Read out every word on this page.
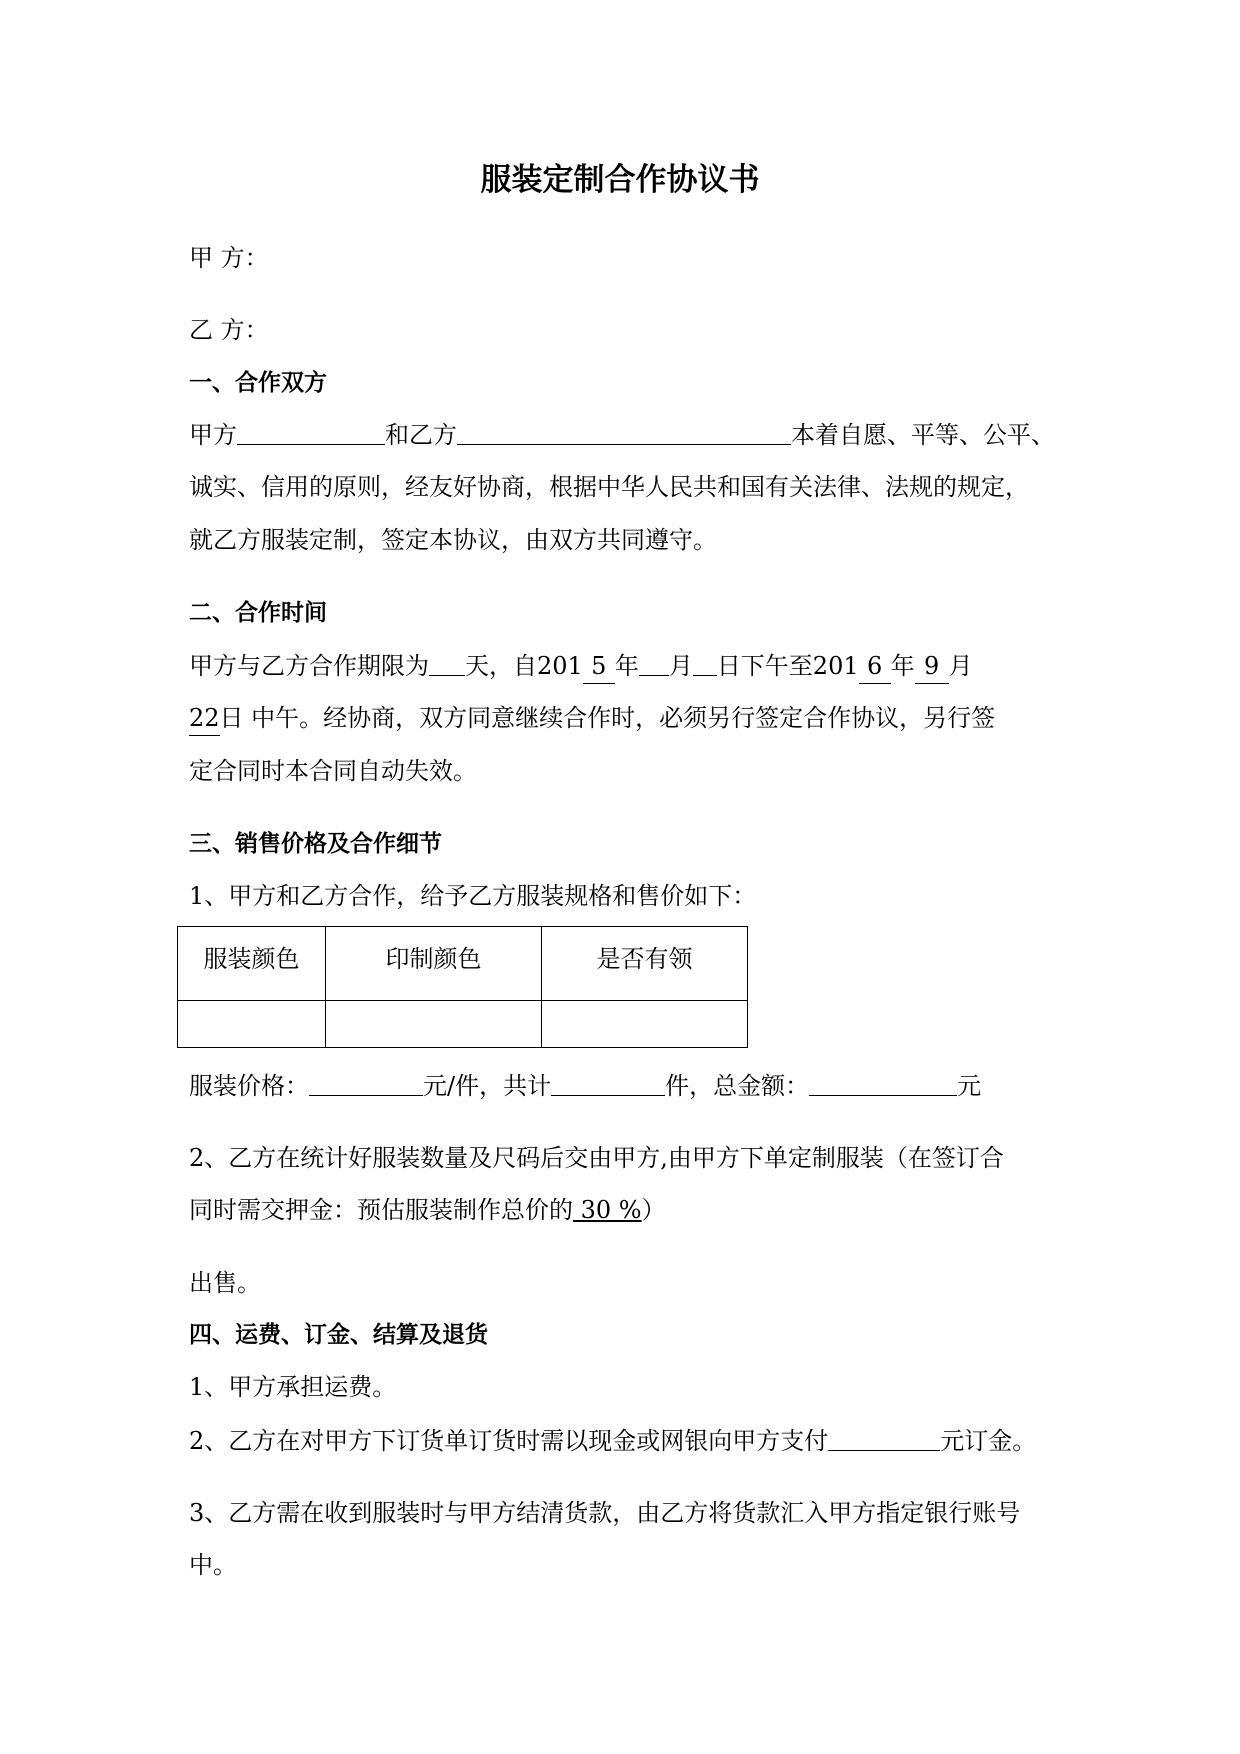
服装定制合作协议书
甲 方：
乙 方：
一、合作双方
甲方	和乙方	本着自愿、平等、公平、
诚实、信用的原则，经友好协商，根据中华人民共和国有关法律、法规的规定，
就乙方服装定制，签定本协议，由双方共同遵守。
二、合作时间
甲方与乙方合作期限为 天，自201 5 年 月 日下午至201 6 年 9 月
22日 中午。经协商，双方同意继续合作时，必须另行签定合作协议，另行签
定合同时本合同自动失效。
三、销售价格及合作细节
1、甲方和乙方合作，给予乙方服装规格和售价如下：
服装颜色	印制颜色	是否有领

服装价格：	元/件，共计	件，总金额：	元
2、乙方在统计好服装数量及尺码后交由甲方,由甲方下单定制服装（在签订合
同时需交押金：预估服装制作总价的 30 %）
出售。
四、运费、订金、结算及退货
1、甲方承担运费。
2、乙方在对甲方下订货单订货时需以现金或网银向甲方支付	元订金。
3、乙方需在收到服装时与甲方结清货款，由乙方将货款汇入甲方指定银行账号
中。
